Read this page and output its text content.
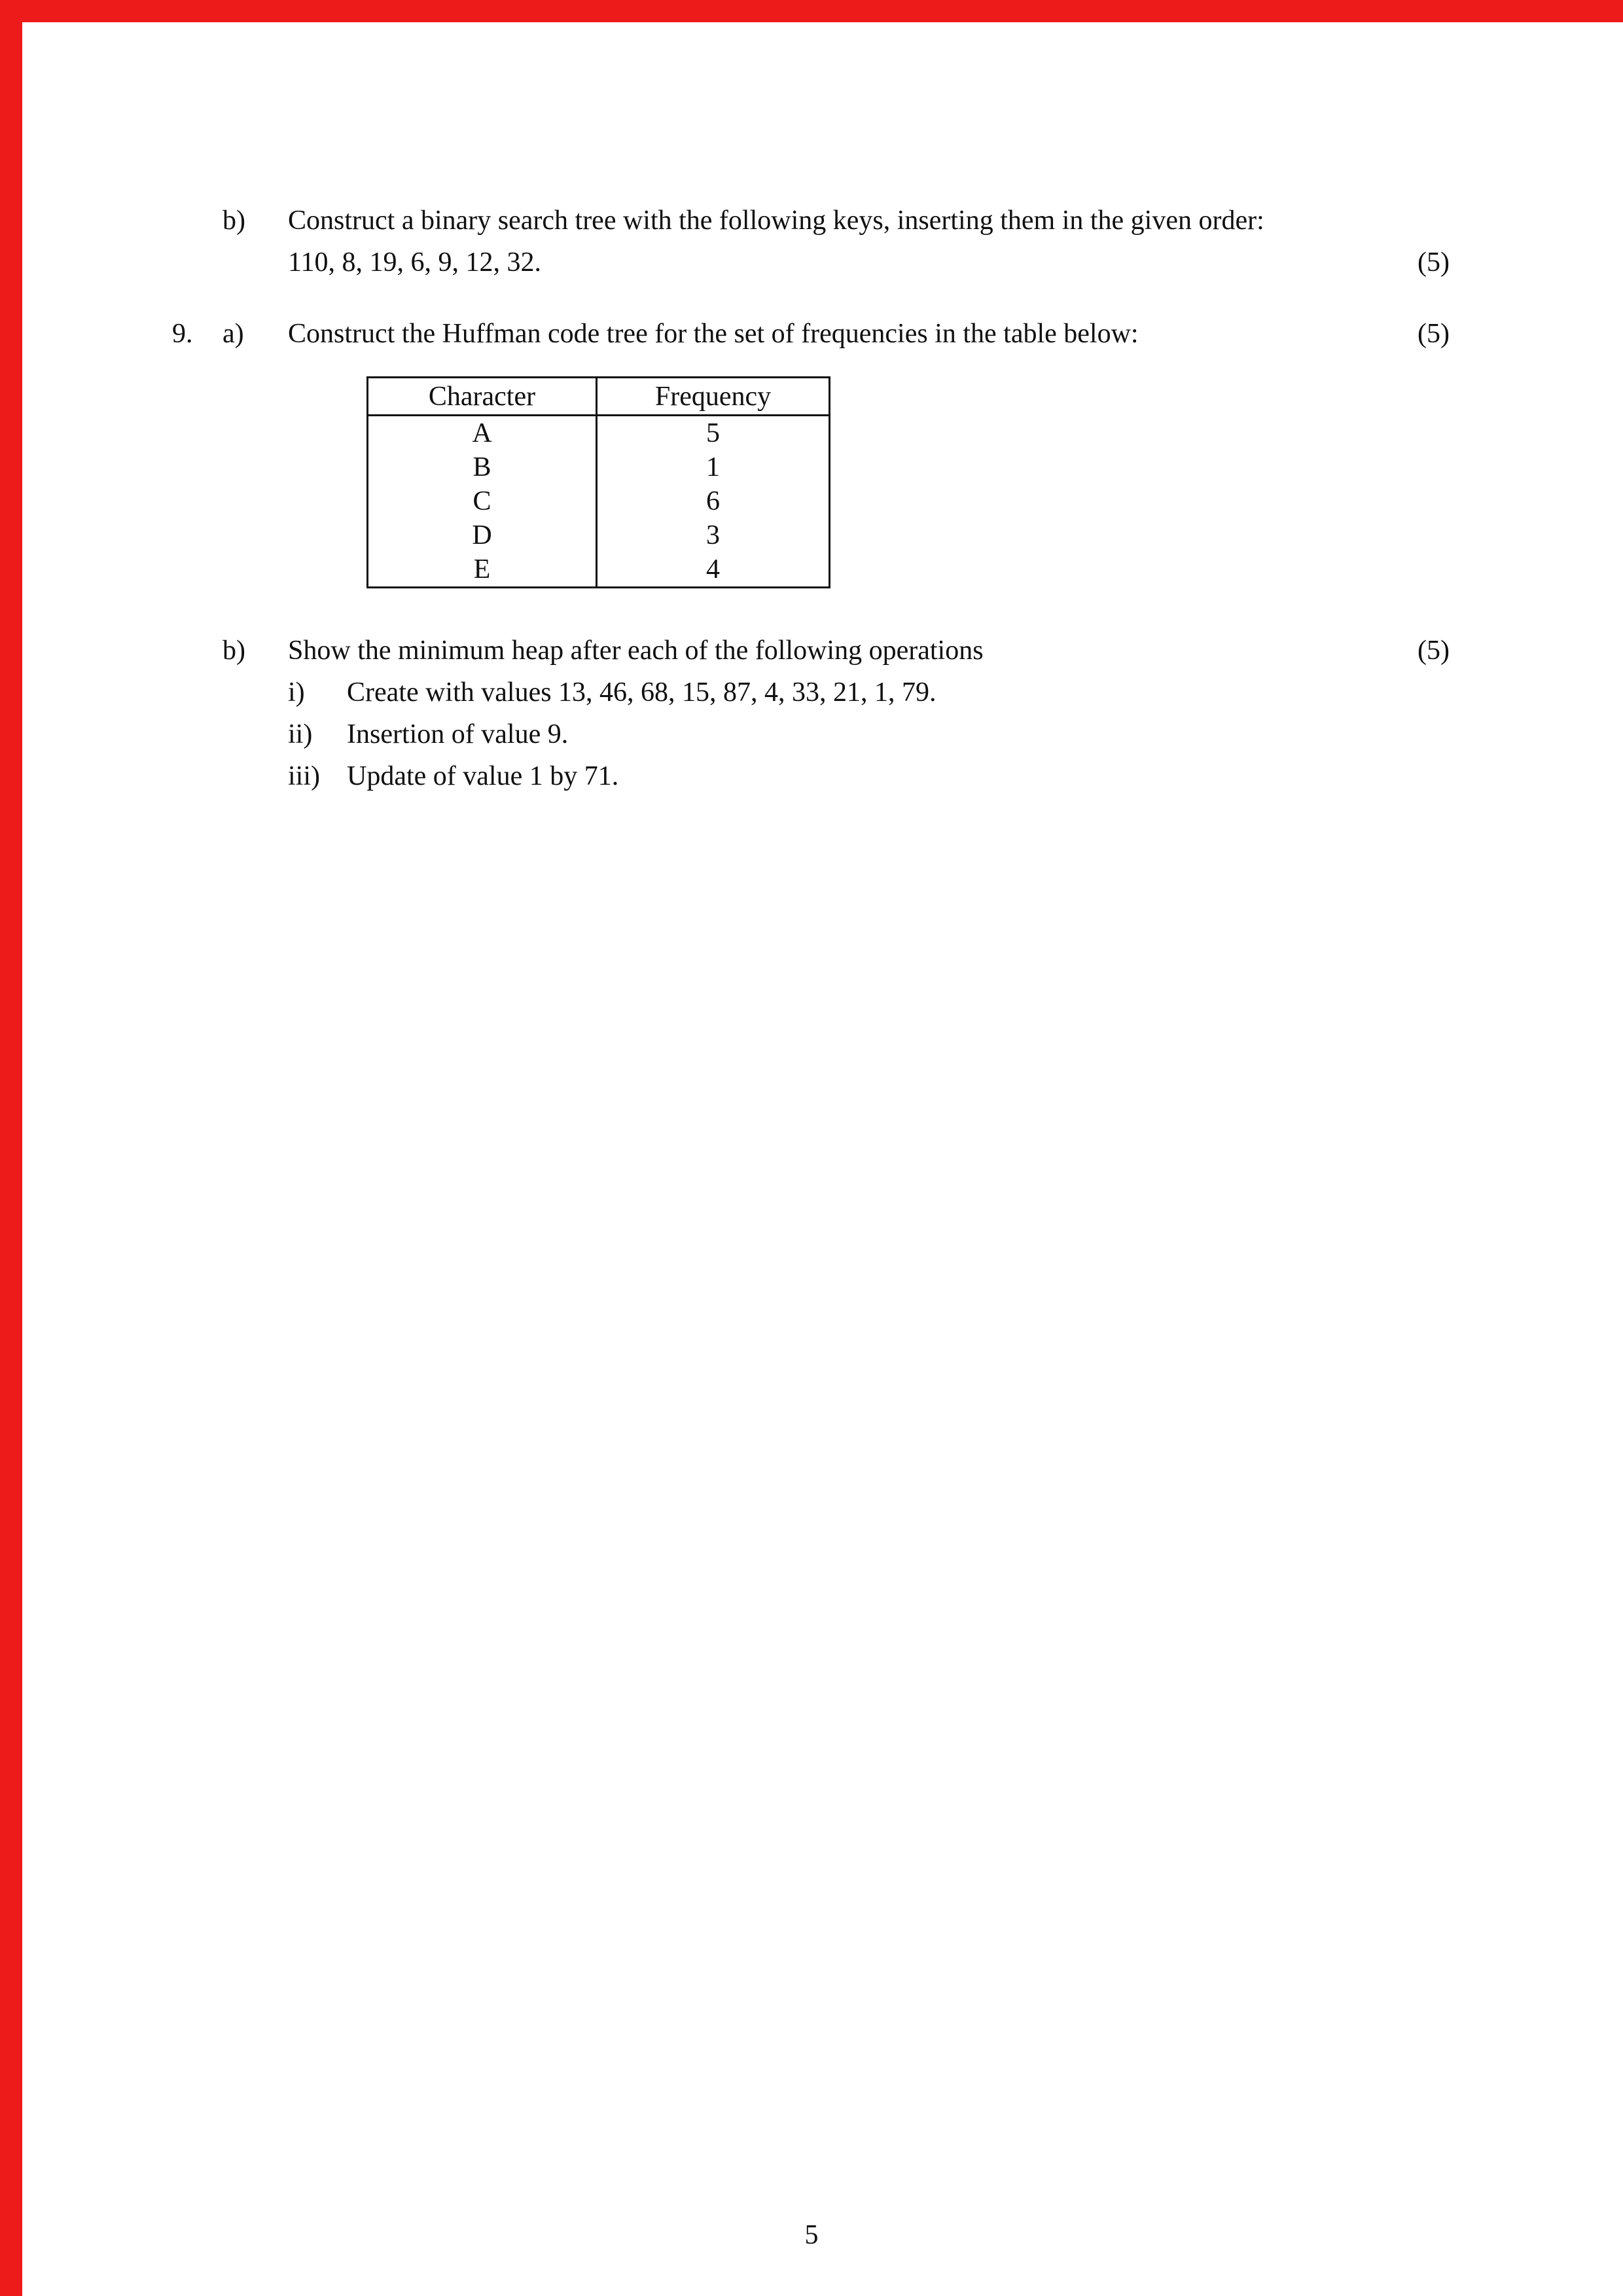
b)	Construct a binary search tree with the following keys, inserting them in the given order:
110, 8, 19, 6, 9, 12, 32.	(5)
9.	a)	Construct the Huffman code tree for the set of frequencies in the table below:	(5)
Character	Frequency
A	5
B	1
C	6
D	3
E	4
b)	Show the minimum heap after each of the following operations	(5)
i)	Create with values 13, 46, 68, 15, 87, 4, 33, 21, 1, 79.
ii)	Insertion of value 9.
iii) Update of value 1 by 71.
5
